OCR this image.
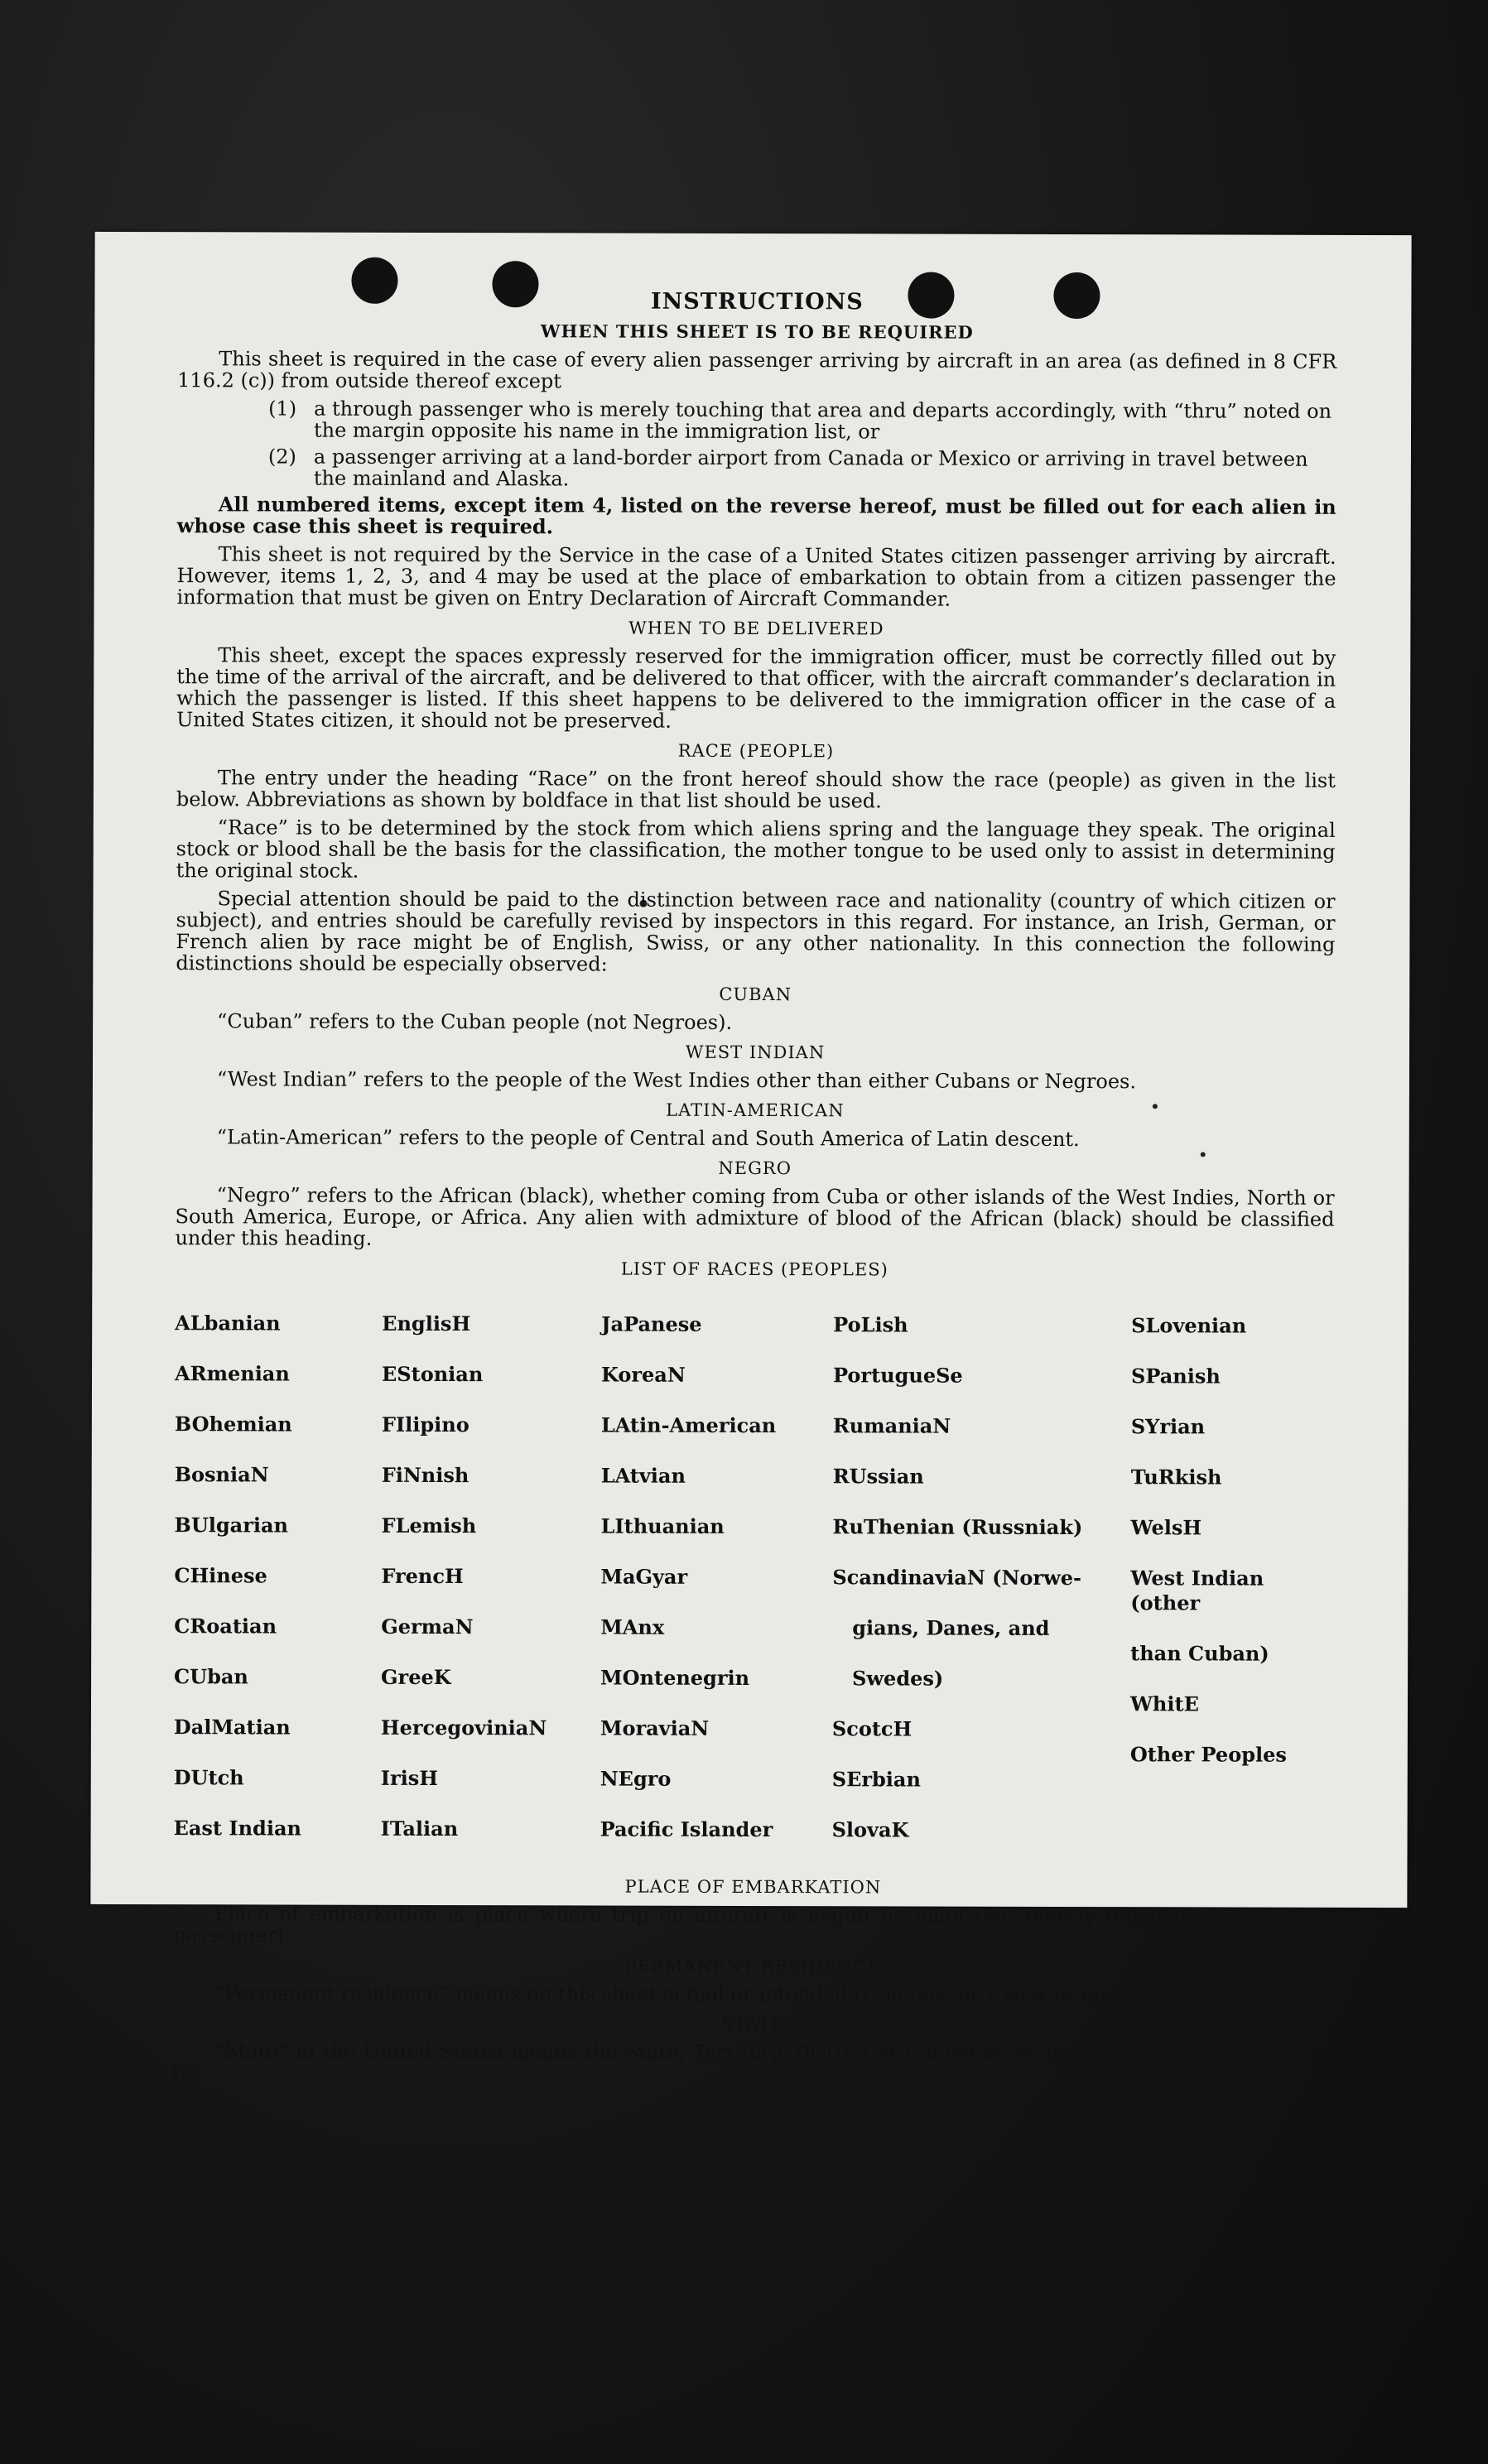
INSTRUCTIONS
WHEN THIS SHEET IS TO BE REQUIRED

This sheet is required in the case of every alien passenger arriving by aircraft in an area (as defined in 8 CFR 116.2 (c)) from outside thereof except

(1) a through passenger who is merely touching that area and departs accordingly, with “thru” noted on the margin opposite his name in the immigration list, or
(2) a passenger arriving at a land-border airport from Canada or Mexico or arriving in travel between the mainland and Alaska.

All numbered items, except item 4, listed on the reverse hereof, must be filled out for each alien in whose case this sheet is required.

This sheet is not required by the Service in the case of a United States citizen passenger arriving by aircraft. However, items 1, 2, 3, and 4 may be used at the place of embarkation to obtain from a citizen passenger the information that must be given on Entry Declaration of Aircraft Commander.

WHEN TO BE DELIVERED

This sheet, except the spaces expressly reserved for the immigration officer, must be correctly filled out by the time of the arrival of the aircraft, and be delivered to that officer, with the aircraft commander’s declaration in which the passenger is listed. If this sheet happens to be delivered to the immigration officer in the case of a United States citizen, it should not be preserved.

RACE (PEOPLE)

The entry under the heading “Race” on the front hereof should show the race (people) as given in the list below. Abbreviations as shown by boldface in that list should be used.

“Race” is to be determined by the stock from which aliens spring and the language they speak. The original stock or blood shall be the basis for the classification, the mother tongue to be used only to assist in determining the original stock.

Special attention should be paid to the distinction between race and nationality (country of which citizen or subject), and entries should be carefully revised by inspectors in this regard. For instance, an Irish, German, or French alien by race might be of English, Swiss, or any other nationality. In this connection the following distinctions should be especially observed:

CUBAN

“Cuban” refers to the Cuban people (not Negroes).

WEST INDIAN

“West Indian” refers to the people of the West Indies other than either Cubans or Negroes.

LATIN-AMERICAN

“Latin-American” refers to the people of Central and South America of Latin descent.

NEGRO

“Negro” refers to the African (black), whether coming from Cuba or other islands of the West Indies, North or South America, Europe, or Africa. Any alien with admixture of blood of the African (black) should be classified under this heading.

LIST OF RACES (PEOPLES)

ALbanian

ARmenian

BOhemian

BosniaN

BUlgarian

CHinese

CRoatian

CUban

DalMatian

DUtch

East Indian

EnglisH

EStonian

FIlipino

FiNnish

FLemish

FrencH

GermaN

GreeK

HercegoviniaN

IrisH

ITalian

JaPanese

KoreaN

LAtin-American

LAtvian

LIthuanian

MaGyar

MAnx

MOntenegrin

MoraviaN

NEgro

Pacific Islander

PoLish

PortugueSe

RumaniaN

RUssian

RuThenian (Russniak)

ScandinaviaN (Norwe-

gians, Danes, and

Swedes)

ScotcH

SErbian

SlovaK

SLovenian

SPanish

SYrian

TuRkish

WelsH

West Indian (other

than Cuban)

WhitE

Other Peoples

PLACE OF EMBARKATION

Place of embarkation is place where trip on aircraft is begun by alien (not merely touched as a through passenger).

PERMANENT RESIDENCE

“Permanent residence” means on this sheet actual or intended residence of 1 year or more.

STATE

“State” in the United States means the State, Territory, District of Columbia, or Possession, as the case may be.
